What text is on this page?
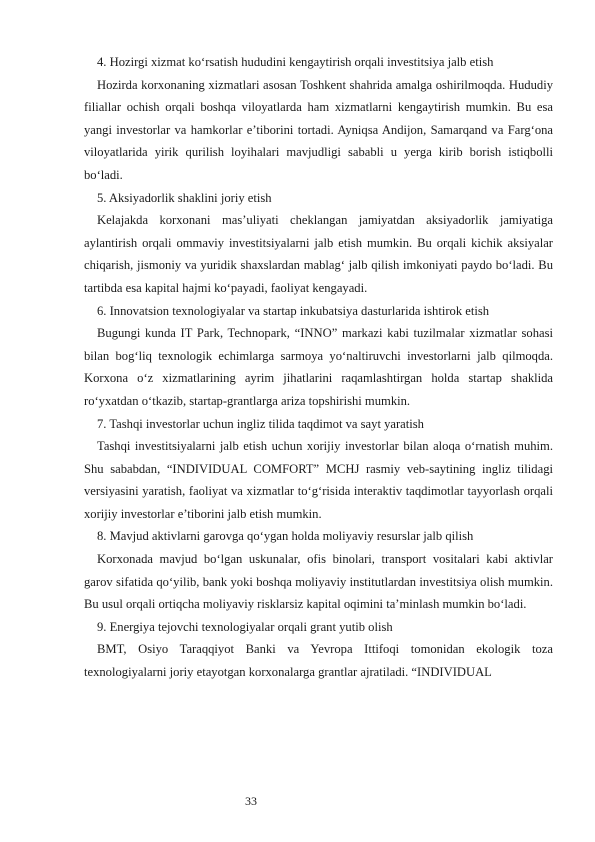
4. Hozirgi xizmat ko‘rsatish hududini kengaytirish orqali investitsiya jalb etish
Hozirda korxonaning xizmatlari asosan Toshkent shahrida amalga oshirilmoqda. Hududiy filiallar ochish orqali boshqa viloyatlarda ham xizmatlarni kengaytirish mumkin. Bu esa yangi investorlar va hamkorlar e’tiborini tortadi. Ayniqsa Andijon, Samarqand va Farg‘ona viloyatlarida yirik qurilish loyihalari mavjudligi sababli u yerga kirib borish istiqbolli bo‘ladi.
5. Aksiyadorlik shaklini joriy etish
Kelajakda korxonani mas’uliyati cheklangan jamiyatdan aksiyadorlik jamiyatiga aylantirish orqali ommaviy investitsiyalarni jalb etish mumkin. Bu orqali kichik aksiyalar chiqarish, jismoniy va yuridik shaxslardan mablag‘ jalb qilish imkoniyati paydo bo‘ladi. Bu tartibda esa kapital hajmi ko‘payadi, faoliyat kengayadi.
6. Innovatsion texnologiyalar va startap inkubatsiya dasturlarida ishtirok etish
Bugungi kunda IT Park, Technopark, “INNO” markazi kabi tuzilmalar xizmatlar sohasi bilan bog‘liq texnologik echimlarga sarmoya yo‘naltiruvchi investorlarni jalb qilmoqda. Korxona o‘z xizmatlarining ayrim jihatlarini raqamlashtirgan holda startap shaklida ro‘yxatdan o‘tkazib, startap-grantlarga ariza topshirishi mumkin.
7. Tashqi investorlar uchun ingliz tilida taqdimot va sayt yaratish
Tashqi investitsiyalarni jalb etish uchun xorijiy investorlar bilan aloqa o‘rnatish muhim. Shu sababdan, “INDIVIDUAL COMFORT” MCHJ rasmiy veb-saytining ingliz tilidagi versiyasini yaratish, faoliyat va xizmatlar to‘g‘risida interaktiv taqdimotlar tayyorlash orqali xorijiy investorlar e’tiborini jalb etish mumkin.
8. Mavjud aktivlarni garovga qo‘ygan holda moliyaviy resurslar jalb qilish
Korxonada mavjud bo‘lgan uskunalar, ofis binolari, transport vositalari kabi aktivlar garov sifatida qo‘yilib, bank yoki boshqa moliyaviy institutlardan investitsiya olish mumkin. Bu usul orqali ortiqcha moliyaviy risklarsiz kapital oqimini ta’minlash mumkin bo‘ladi.
9. Energiya tejovchi texnologiyalar orqali grant yutib olish
BMT, Osiyo Taraqqiyot Banki va Yevropa Ittifoqi tomonidan ekologik toza texnologiyalarni joriy etayotgan korxonalarga grantlar ajratiladi. “INDIVIDUAL
33
